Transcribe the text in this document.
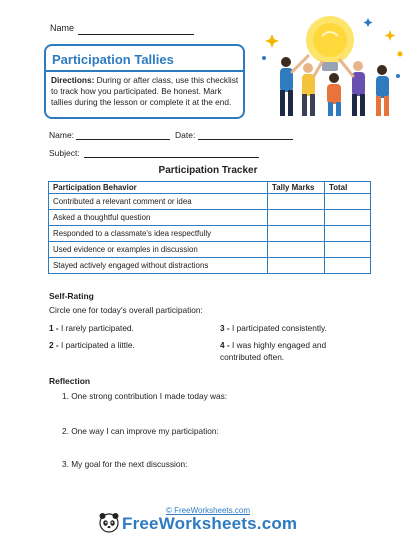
Name
Participation Tallies
Directions: During or after class, use this checklist to track how you participated. Be honest. Mark tallies during the lesson or complete it at the end.
Name:	Date:
Subject:
Participation Tracker
Participation Behavior	Tally Marks	Total
Contributed a relevant comment or idea		
Asked a thoughtful question		
Responded to a classmate's idea respectfully		
Used evidence or examples in discussion		
Stayed actively engaged without distractions		
Self-Rating
Circle one for today's overall participation:
1 - I rarely participated.	3 - I participated consistently.
2 - I participated a little.	4 - I was highly engaged and contributed often.
Reflection
1. One strong contribution I made today was:
2. One way I can improve my participation:
3. My goal for the next discussion:
© FreeWorksheets.com
FreeWorksheets.com
